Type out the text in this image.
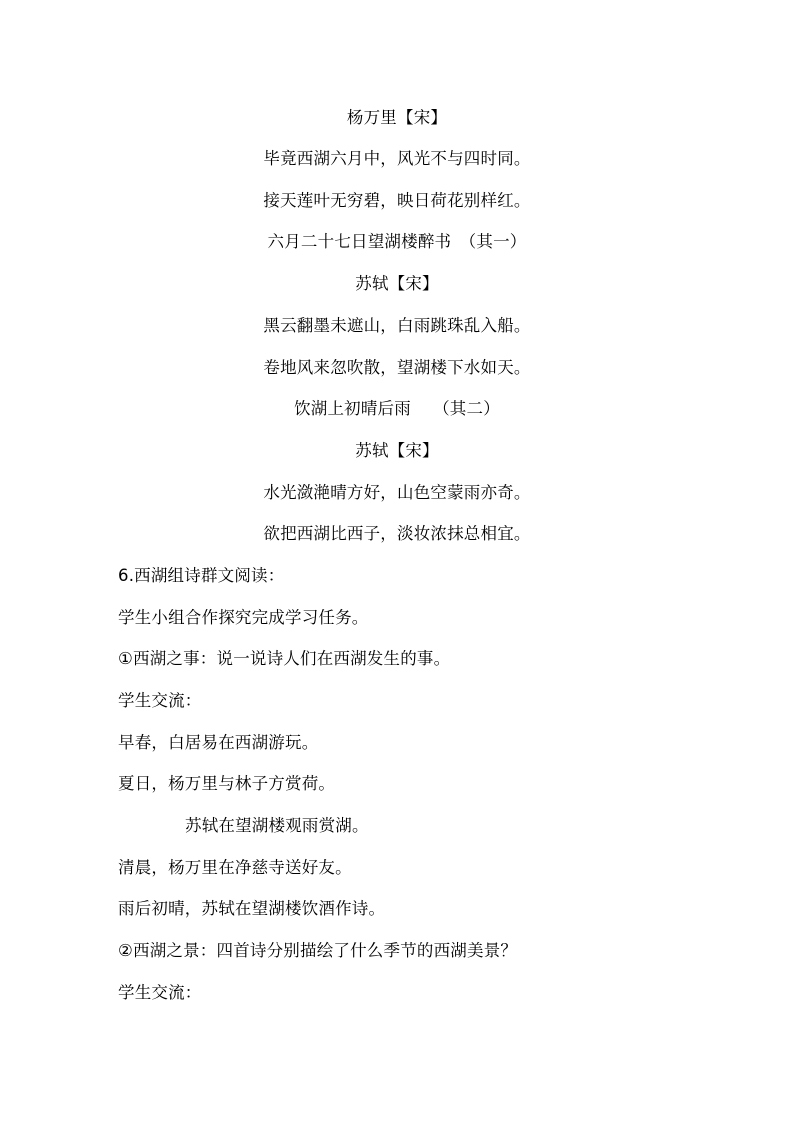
杨万里【宋】
毕竟西湖六月中，风光不与四时同。
接天莲叶无穷碧，映日荷花别样红。
六月二十七日望湖楼醉书　（其一）
苏轼【宋】
黑云翻墨未遮山，白雨跳珠乱入船。
卷地风来忽吹散，望湖楼下水如天。
饮湖上初晴后雨　 （其二）
苏轼【宋】
水光潋滟晴方好，山色空蒙雨亦奇。
欲把西湖比西子，淡妆浓抹总相宜。
6.西湖组诗群文阅读：
学生小组合作探究完成学习任务。
①西湖之事：说一说诗人们在西湖发生的事。
学生交流：
早春，白居易在西湖游玩。
夏日，杨万里与林子方赏荷。
苏轼在望湖楼观雨赏湖。
清晨，杨万里在净慈寺送好友。
雨后初晴，苏轼在望湖楼饮酒作诗。
②西湖之景：四首诗分别描绘了什么季节的西湖美景？
学生交流：
